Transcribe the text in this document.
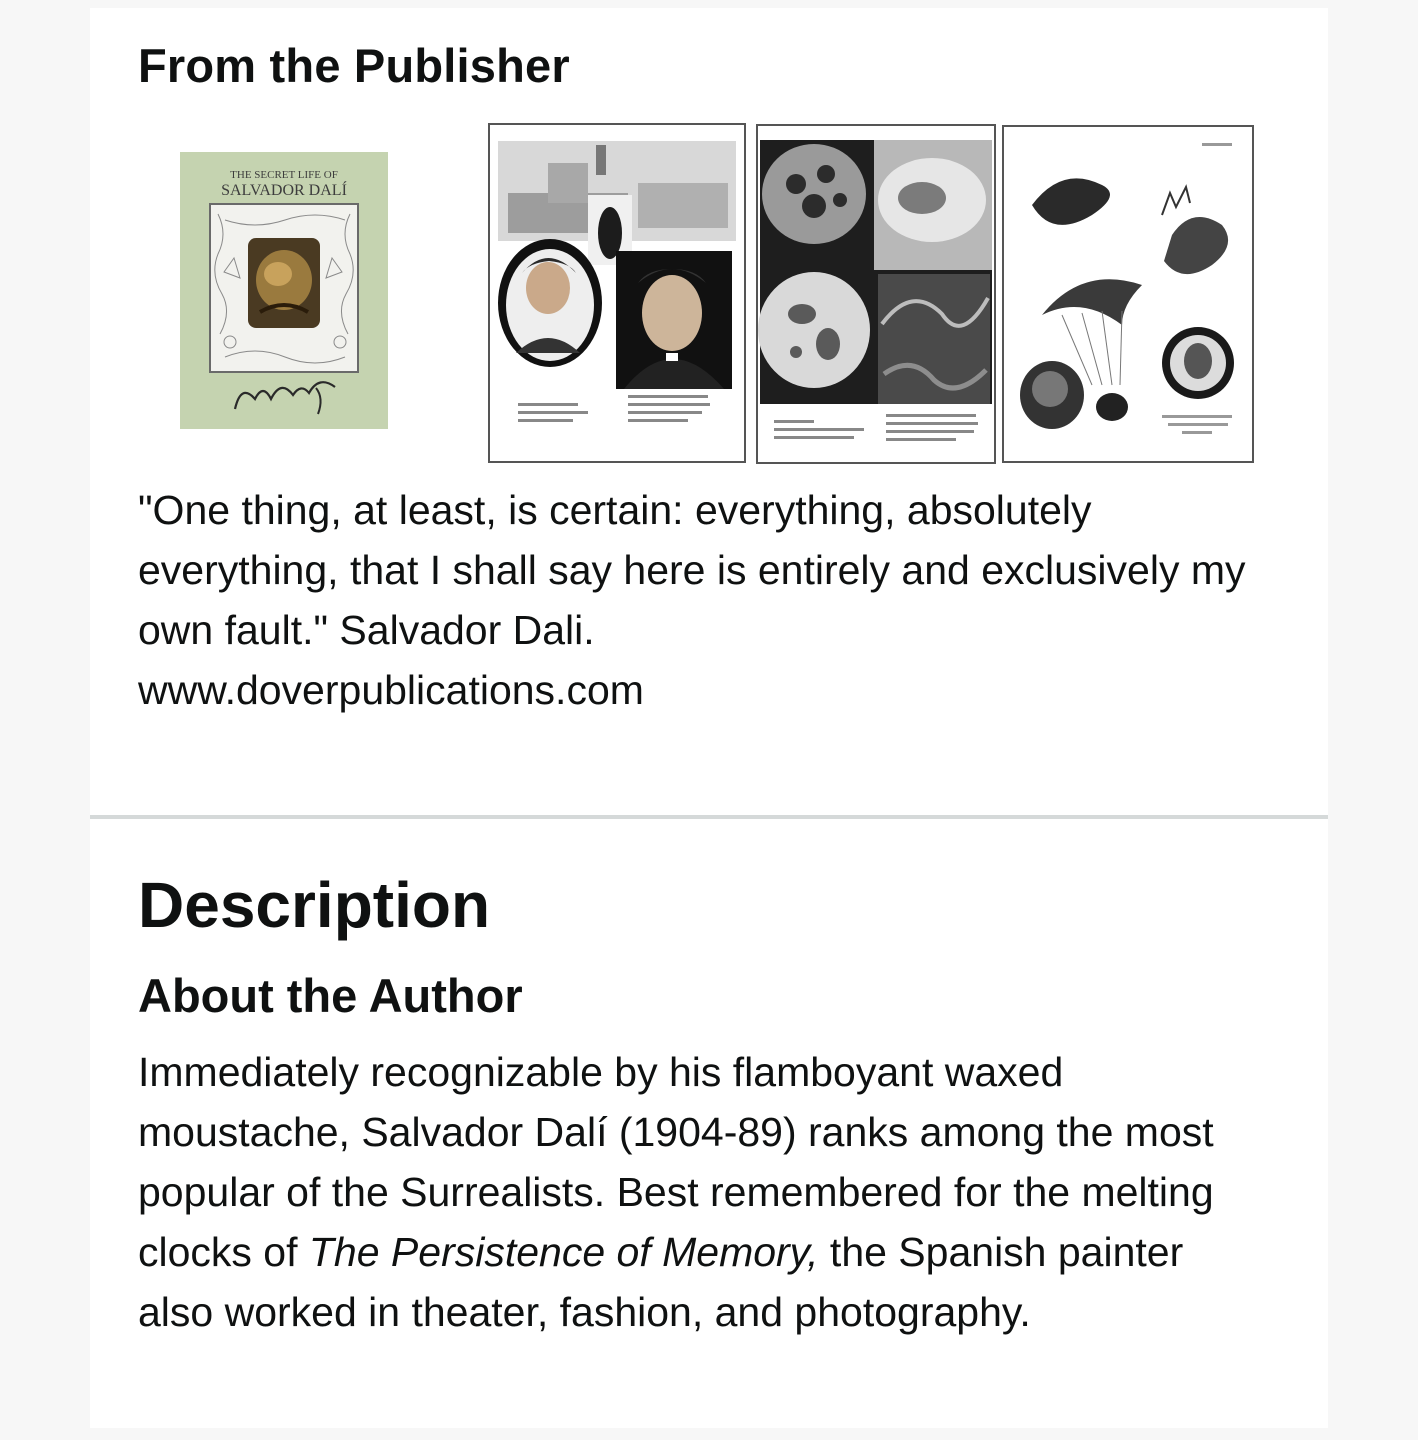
From the Publisher
THE SECRET LIFE OF
SALVADOR DALÍ

"One thing, at least, is certain: everything, absolutely everything, that I shall say here is entirely and exclusively my own fault." Salvador Dali.
www.doverpublications.com

Description
About the Author

Immediately recognizable by his flamboyant waxed moustache, Salvador Dalí (1904-89) ranks among the most popular of the Surrealists. Best remembered for the melting clocks of The Persistence of Memory, the Spanish painter also worked in theater, fashion, and photography.
